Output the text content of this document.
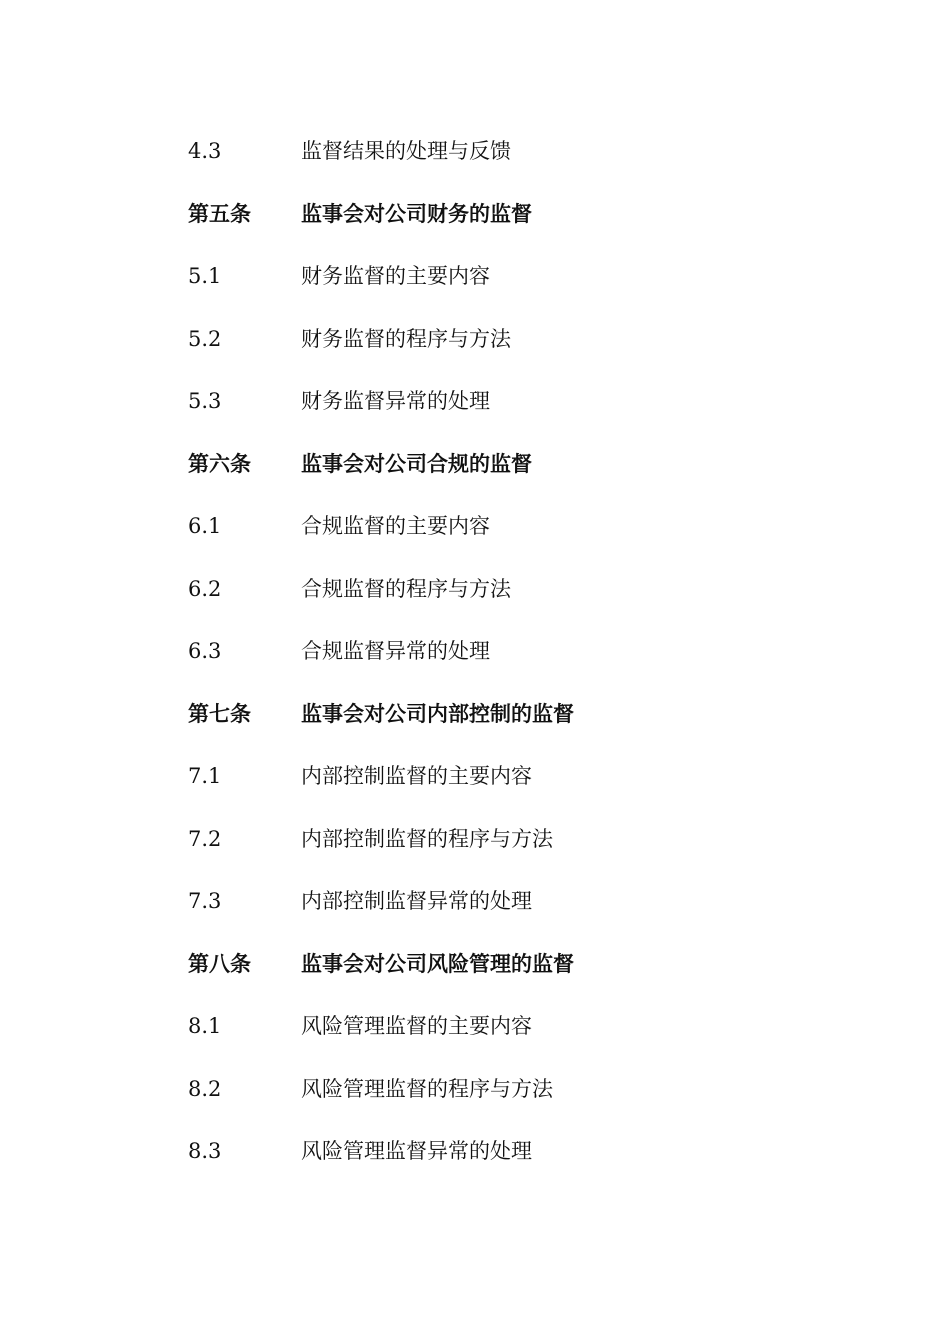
4.3	监督结果的处理与反馈
第五条	监事会对公司财务的监督
5.1	财务监督的主要内容
5.2	财务监督的程序与方法
5.3	财务监督异常的处理
第六条	监事会对公司合规的监督
6.1	合规监督的主要内容
6.2	合规监督的程序与方法
6.3	合规监督异常的处理
第七条	监事会对公司内部控制的监督
7.1	内部控制监督的主要内容
7.2	内部控制监督的程序与方法
7.3	内部控制监督异常的处理
第八条	监事会对公司风险管理的监督
8.1	风险管理监督的主要内容
8.2	风险管理监督的程序与方法
8.3	风险管理监督异常的处理
